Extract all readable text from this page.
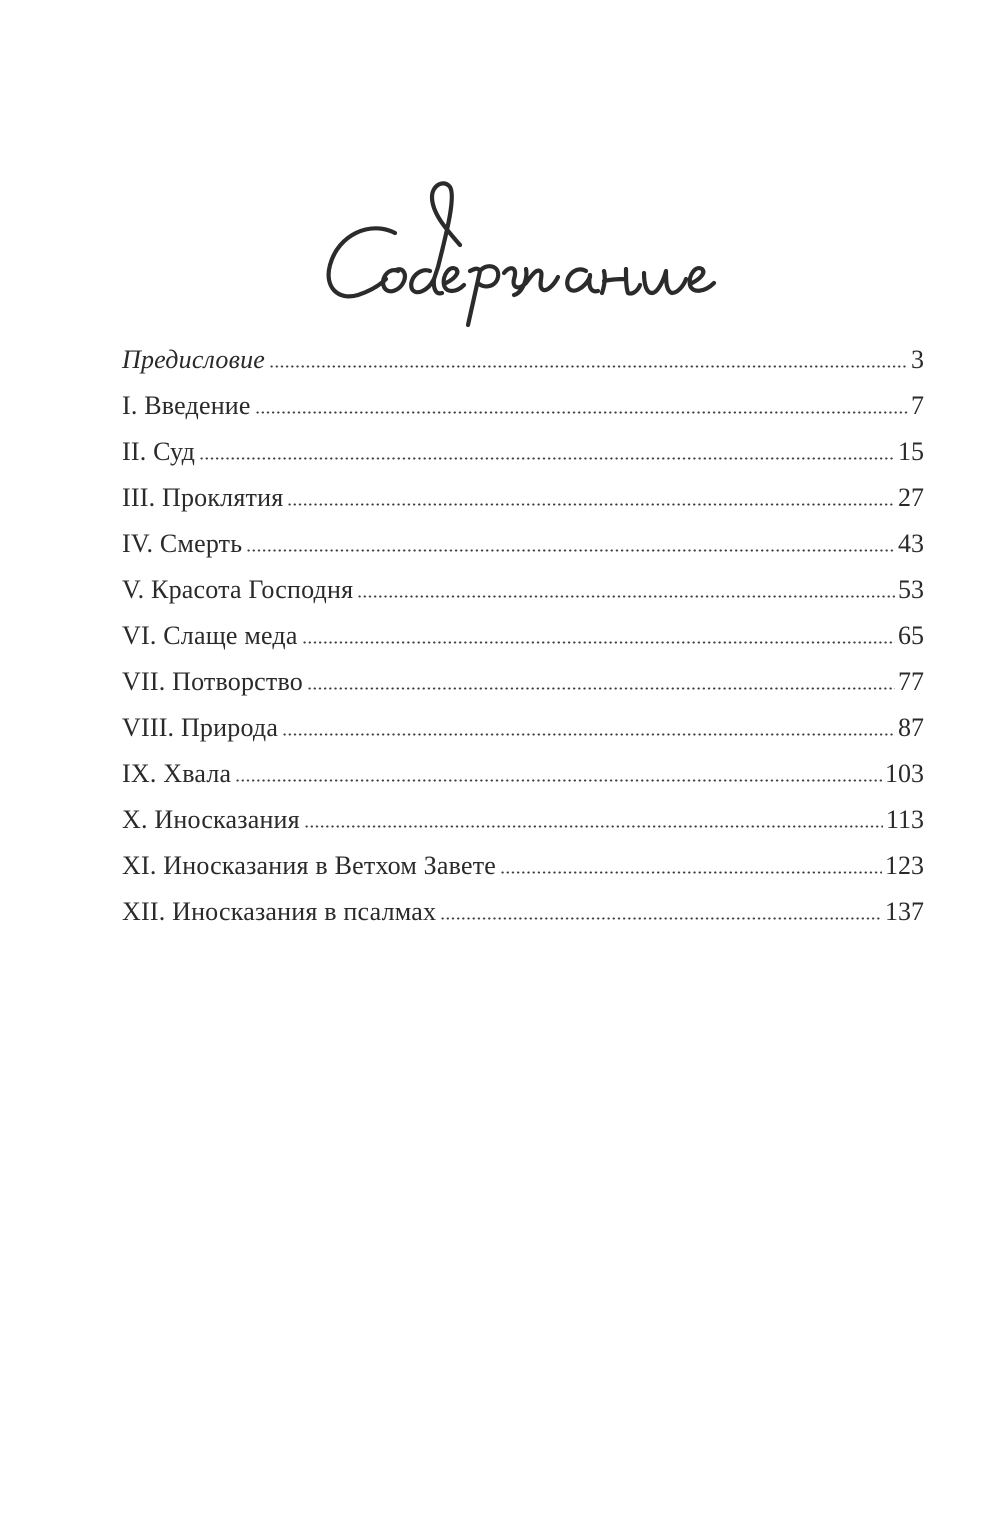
Предисловие	3
I. Введение	7
II. Суд	15
III. Проклятия	27
IV. Смерть	43
V. Красота Господня	53
VI. Слаще меда	65
VII. Потворство	77
VIII. Природа	87
IX. Хвала	103
X. Иносказания	113
XI. Иносказания в Ветхом Завете	123
XII. Иносказания в псалмах	137
